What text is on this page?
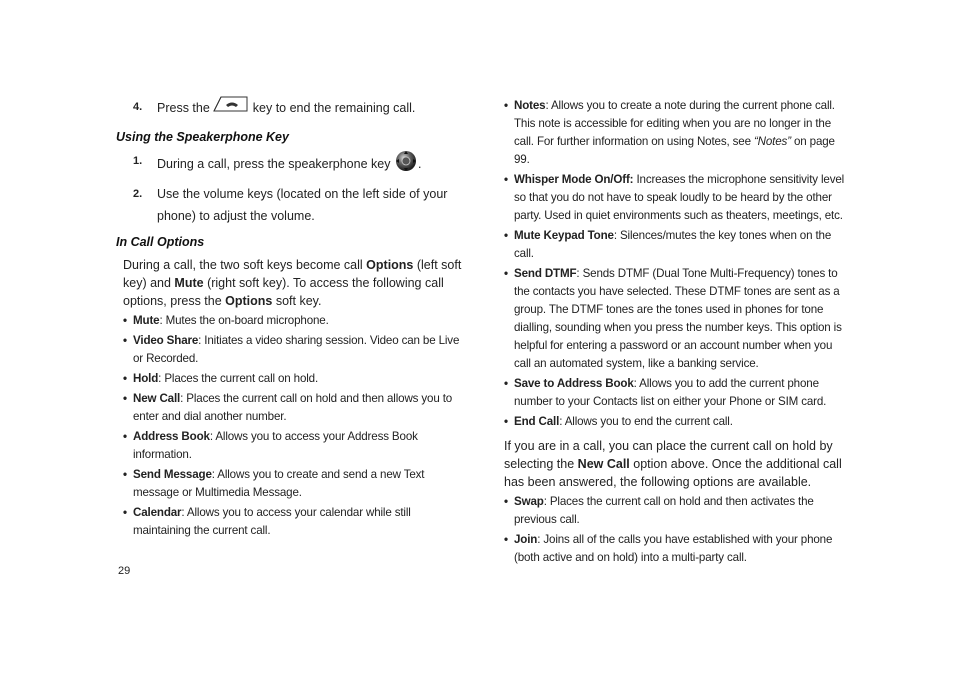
4. Press the	key to end the remaining call.

Using the Speakerphone Key

1. During a call, press the speakerphone key .

2. Use the volume keys (located on the left side of your phone) to adjust the volume.

In Call Options

During a call, the two soft keys become call Options (left soft key) and Mute (right soft key). To access the following call options, press the Options soft key.

• Mute: Mutes the on-board microphone.
• Video Share: Initiates a video sharing session. Video can be Live or Recorded.
• Hold: Places the current call on hold.
• New Call: Places the current call on hold and then allows you to enter and dial another number.
• Address Book: Allows you to access your Address Book information.
• Send Message: Allows you to create and send a new Text message or Multimedia Message.
• Calendar: Allows you to access your calendar while still maintaining the current call.
• Notes: Allows you to create a note during the current phone call. This note is accessible for editing when you are no longer in the call. For further information on using Notes, see “Notes” on page 99.
• Whisper Mode On/Off: Increases the microphone sensitivity level so that you do not have to speak loudly to be heard by the other party. Used in quiet environments such as theaters, meetings, etc.
• Mute Keypad Tone: Silences/mutes the key tones when on the call.
• Send DTMF: Sends DTMF (Dual Tone Multi-Frequency) tones to the contacts you have selected. These DTMF tones are sent as a group. The DTMF tones are the tones used in phones for tone dialling, sounding when you press the number keys. This option is helpful for entering a password or an account number when you call an automated system, like a banking service.
• Save to Address Book: Allows you to add the current phone number to your Contacts list on either your Phone or SIM card.
• End Call: Allows you to end the current call.

If you are in a call, you can place the current call on hold by selecting the New Call option above. Once the additional call has been answered, the following options are available.

• Swap: Places the current call on hold and then activates the previous call.
• Join: Joins all of the calls you have established with your phone (both active and on hold) into a multi-party call.
29
